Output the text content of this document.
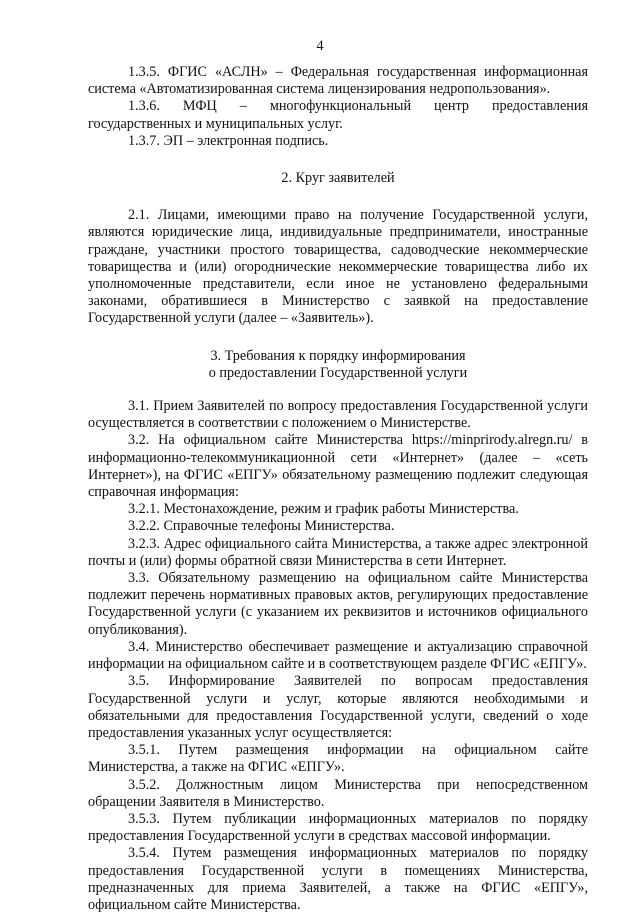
4

1.3.5. ФГИС «АСЛН» – Федеральная государственная информационная система «Автоматизированная система лицензирования недропользования».

1.3.6. МФЦ – многофункциональный центр предоставления государственных и муниципальных услуг.

1.3.7. ЭП – электронная подпись.

2. Круг заявителей

2.1. Лицами, имеющими право на получение Государственной услуги, являются юридические лица, индивидуальные предприниматели, иностранные граждане, участники простого товарищества, садоводческие некоммерческие товарищества и (или) огороднические некоммерческие товарищества либо их уполномоченные представители, если иное не установлено федеральными законами, обратившиеся в Министерство с заявкой на предоставление Государственной услуги (далее – «Заявитель»).

3. Требования к порядку информирования
о предоставлении Государственной услуги

3.1. Прием Заявителей по вопросу предоставления Государственной услуги осуществляется в соответствии с положением о Министерстве.

3.2. На официальном сайте Министерства https://minprirody.alregn.ru/ в информационно-телекоммуникационной сети «Интернет» (далее – «сеть Интернет»), на ФГИС «ЕПГУ» обязательному размещению подлежит следующая справочная информация:

3.2.1. Местонахождение, режим и график работы Министерства.

3.2.2. Справочные телефоны Министерства.

3.2.3. Адрес официального сайта Министерства, а также адрес электронной почты и (или) формы обратной связи Министерства в сети Интернет.

3.3. Обязательному размещению на официальном сайте Министерства подлежит перечень нормативных правовых актов, регулирующих предоставление Государственной услуги (с указанием их реквизитов и источников официального опубликования).

3.4. Министерство обеспечивает размещение и актуализацию справочной информации на официальном сайте и в соответствующем разделе ФГИС «ЕПГУ».

3.5. Информирование Заявителей по вопросам предоставления Государственной услуги и услуг, которые являются необходимыми и обязательными для предоставления Государственной услуги, сведений о ходе предоставления указанных услуг осуществляется:

3.5.1. Путем размещения информации на официальном сайте Министерства, а также на ФГИС «ЕПГУ».

3.5.2. Должностным лицом Министерства при непосредственном обращении Заявителя в Министерство.

3.5.3. Путем публикации информационных материалов по порядку предоставления Государственной услуги в средствах массовой информации.

3.5.4. Путем размещения информационных материалов по порядку предоставления Государственной услуги в помещениях Министерства, предназначенных для приема Заявителей, а также на ФГИС «ЕПГУ», официальном сайте Министерства.
